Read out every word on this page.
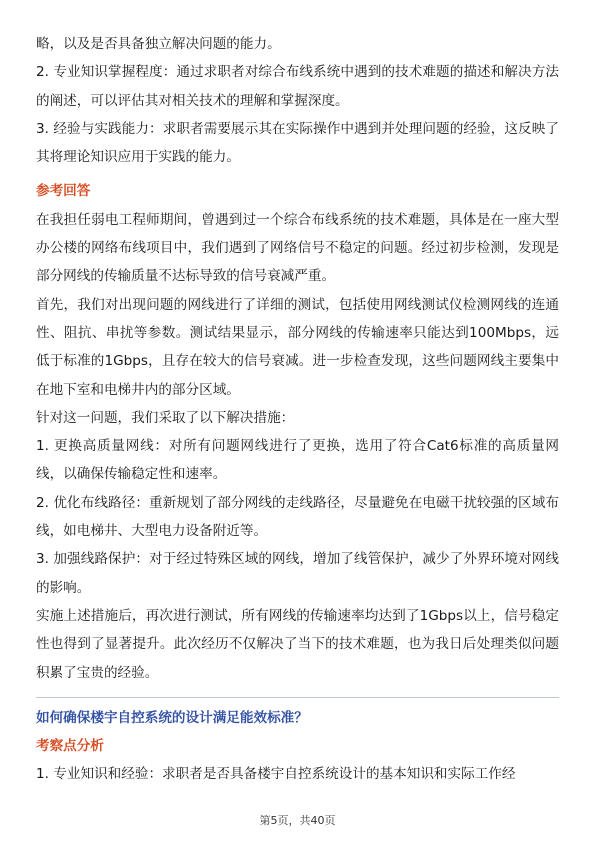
略，以及是否具备独立解决问题的能力。

2. 专业知识掌握程度：通过求职者对综合布线系统中遇到的技术难题的描述和解决方法的阐述，可以评估其对相关技术的理解和掌握深度。

3. 经验与实践能力：求职者需要展示其在实际操作中遇到并处理问题的经验，这反映了其将理论知识应用于实践的能力。

参考回答

在我担任弱电工程师期间，曾遇到过一个综合布线系统的技术难题，具体是在一座大型办公楼的网络布线项目中，我们遇到了网络信号不稳定的问题。经过初步检测，发现是部分网线的传输质量不达标导致的信号衰减严重。

首先，我们对出现问题的网线进行了详细的测试，包括使用网线测试仪检测网线的连通性、阻抗、串扰等参数。测试结果显示，部分网线的传输速率只能达到100Mbps，远低于标准的1Gbps，且存在较大的信号衰减。进一步检查发现，这些问题网线主要集中在地下室和电梯井内的部分区域。

针对这一问题，我们采取了以下解决措施：

1. 更换高质量网线：对所有问题网线进行了更换，选用了符合Cat6标准的高质量网线，以确保传输稳定性和速率。

2. 优化布线路径：重新规划了部分网线的走线路径，尽量避免在电磁干扰较强的区域布线，如电梯井、大型电力设备附近等。

3. 加强线路保护：对于经过特殊区域的网线，增加了线管保护，减少了外界环境对网线的影响。

实施上述措施后，再次进行测试，所有网线的传输速率均达到了1Gbps以上，信号稳定性也得到了显著提升。此次经历不仅解决了当下的技术难题，也为我日后处理类似问题积累了宝贵的经验。

如何确保楼宇自控系统的设计满足能效标准？
考察点分析

1. 专业知识和经验：求职者是否具备楼宇自控系统设计的基本知识和实际工作经

第5页，共40页
